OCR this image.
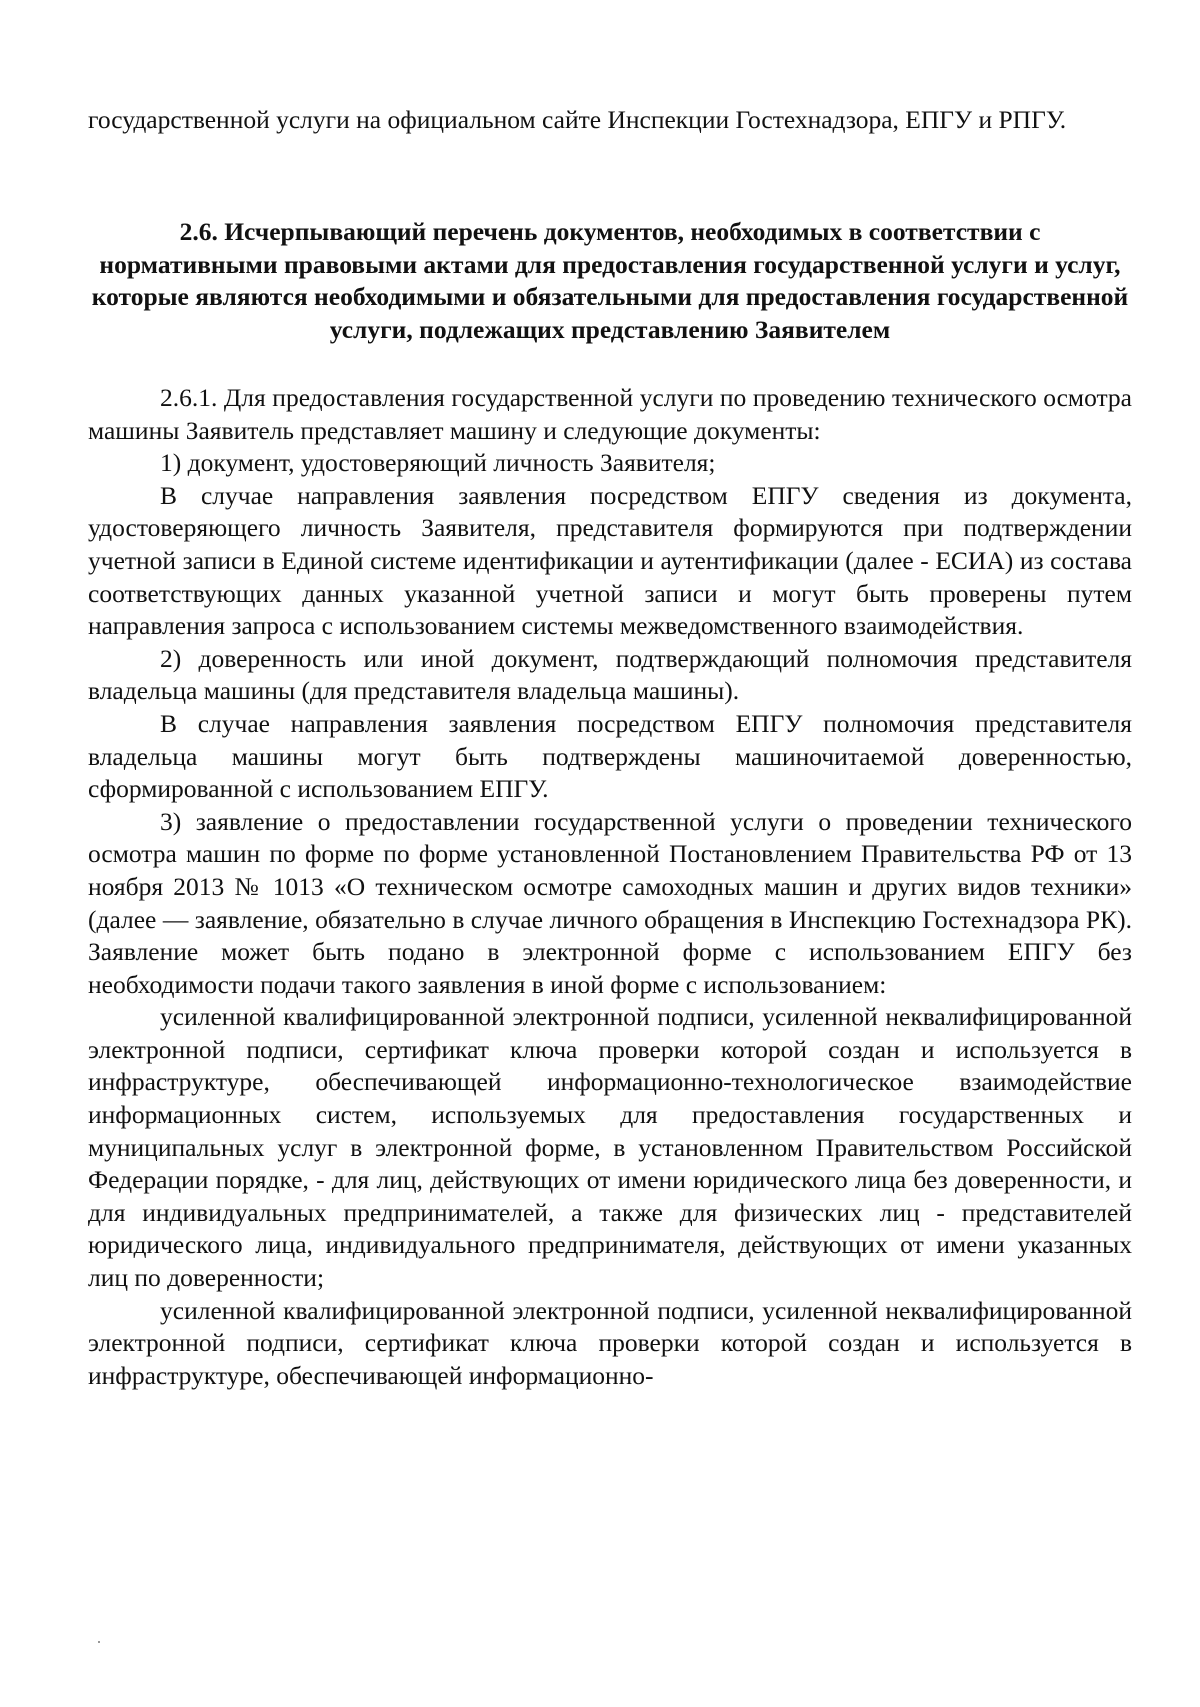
государственной услуги на официальном сайте Инспекции Гостехнадзора, ЕПГУ и РПГУ.

2.6. Исчерпывающий перечень документов, необходимых в соответствии с нормативными правовыми актами для предоставления государственной услуги и услуг, которые являются необходимыми и обязательными для предоставления государственной услуги, подлежащих представлению Заявителем

2.6.1. Для предоставления государственной услуги по проведению технического осмотра машины Заявитель представляет машину и следующие документы:

1) документ, удостоверяющий личность Заявителя;

В случае направления заявления посредством ЕПГУ сведения из документа, удостоверяющего личность Заявителя, представителя формируются при подтверждении учетной записи в Единой системе идентификации и аутентификации (далее - ЕСИА) из состава соответствующих данных указанной учетной записи и могут быть проверены путем направления запроса с использованием системы межведомственного взаимодействия.

2) доверенность или иной документ, подтверждающий полномочия представителя владельца машины (для представителя владельца машины).

В случае направления заявления посредством ЕПГУ полномочия представителя владельца машины могут быть подтверждены машиночитаемой доверенностью, сформированной с использованием ЕПГУ.

3) заявление о предоставлении государственной услуги о проведении технического осмотра машин по форме по форме установленной Постановлением Правительства РФ от 13 ноября 2013 № 1013 «О техническом осмотре самоходных машин и других видов техники» (далее — заявление, обязательно в случае личного обращения в Инспекцию Гостехнадзора РК). Заявление может быть подано в электронной форме с использованием ЕПГУ без необходимости подачи такого заявления в иной форме с использованием:

усиленной квалифицированной электронной подписи, усиленной неквалифицированной электронной подписи, сертификат ключа проверки которой создан и используется в инфраструктуре, обеспечивающей информационно-технологическое взаимодействие информационных систем, используемых для предоставления государственных и муниципальных услуг в электронной форме, в установленном Правительством Российской Федерации порядке, - для лиц, действующих от имени юридического лица без доверенности, и для индивидуальных предпринимателей, а также для физических лиц - представителей юридического лица, индивидуального предпринимателя, действующих от имени указанных лиц по доверенности;

усиленной квалифицированной электронной подписи, усиленной неквалифицированной электронной подписи, сертификат ключа проверки которой создан и используется в инфраструктуре, обеспечивающей информационно-
